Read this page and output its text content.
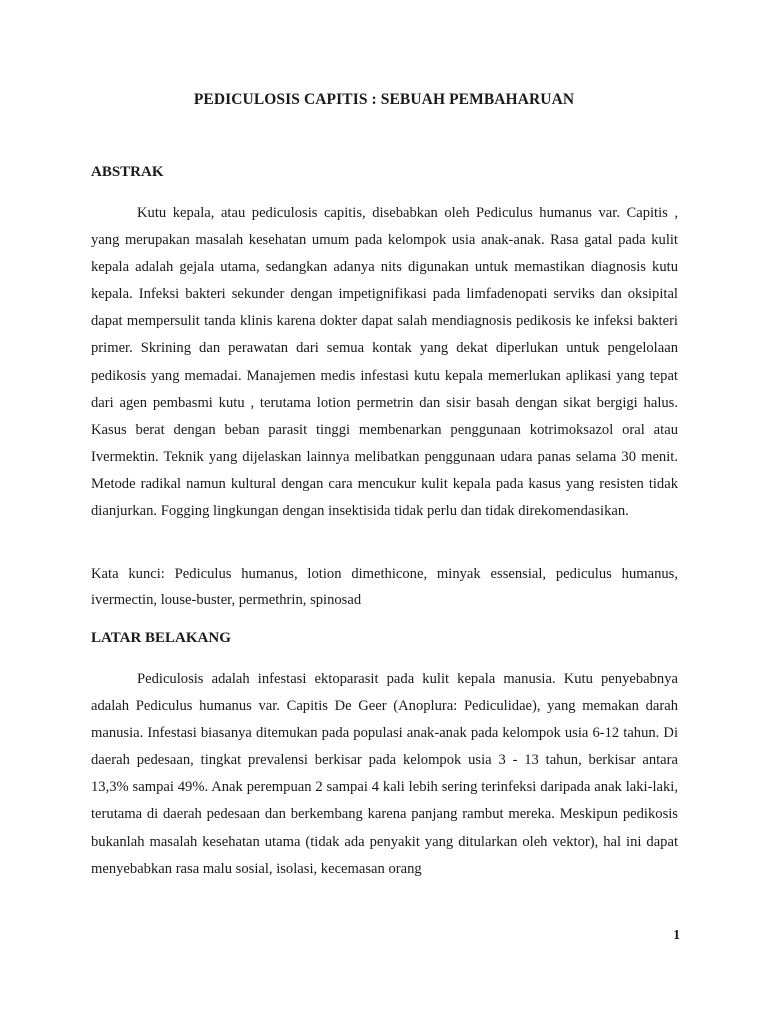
PEDICULOSIS CAPITIS : SEBUAH PEMBAHARUAN
ABSTRAK

Kutu kepala, atau pediculosis capitis, disebabkan oleh Pediculus humanus var. Capitis , yang merupakan masalah kesehatan umum pada kelompok usia anak-anak. Rasa gatal pada kulit kepala adalah gejala utama, sedangkan adanya nits digunakan untuk memastikan diagnosis kutu kepala. Infeksi bakteri sekunder dengan impetignifikasi pada limfadenopati serviks dan oksipital dapat mempersulit tanda klinis karena dokter dapat salah mendiagnosis pedikosis ke infeksi bakteri primer. Skrining dan perawatan dari semua kontak yang dekat diperlukan untuk pengelolaan pedikosis yang memadai. Manajemen medis infestasi kutu kepala memerlukan aplikasi yang tepat dari agen pembasmi kutu , terutama lotion permetrin dan sisir basah dengan sikat bergigi halus. Kasus berat dengan beban parasit tinggi membenarkan penggunaan kotrimoksazol oral atau Ivermektin. Teknik yang dijelaskan lainnya melibatkan penggunaan udara panas selama 30 menit. Metode radikal namun kultural dengan cara mencukur kulit kepala pada kasus yang resisten tidak dianjurkan. Fogging lingkungan dengan insektisida tidak perlu dan tidak direkomendasikan.

Kata kunci: Pediculus humanus, lotion dimethicone, minyak essensial, pediculus humanus, ivermectin, louse-buster, permethrin, spinosad

LATAR BELAKANG

Pediculosis adalah infestasi ektoparasit pada kulit kepala manusia. Kutu penyebabnya adalah Pediculus humanus var. Capitis De Geer (Anoplura: Pediculidae), yang memakan darah manusia. Infestasi biasanya ditemukan pada populasi anak-anak pada kelompok usia 6-12 tahun. Di daerah pedesaan, tingkat prevalensi berkisar pada kelompok usia 3 - 13 tahun, berkisar antara 13,3% sampai 49%. Anak perempuan 2 sampai 4 kali lebih sering terinfeksi daripada anak laki-laki, terutama di daerah pedesaan dan berkembang karena panjang rambut mereka. Meskipun pedikosis bukanlah masalah kesehatan utama (tidak ada penyakit yang ditularkan oleh vektor), hal ini dapat menyebabkan rasa malu sosial, isolasi, kecemasan orang

1
